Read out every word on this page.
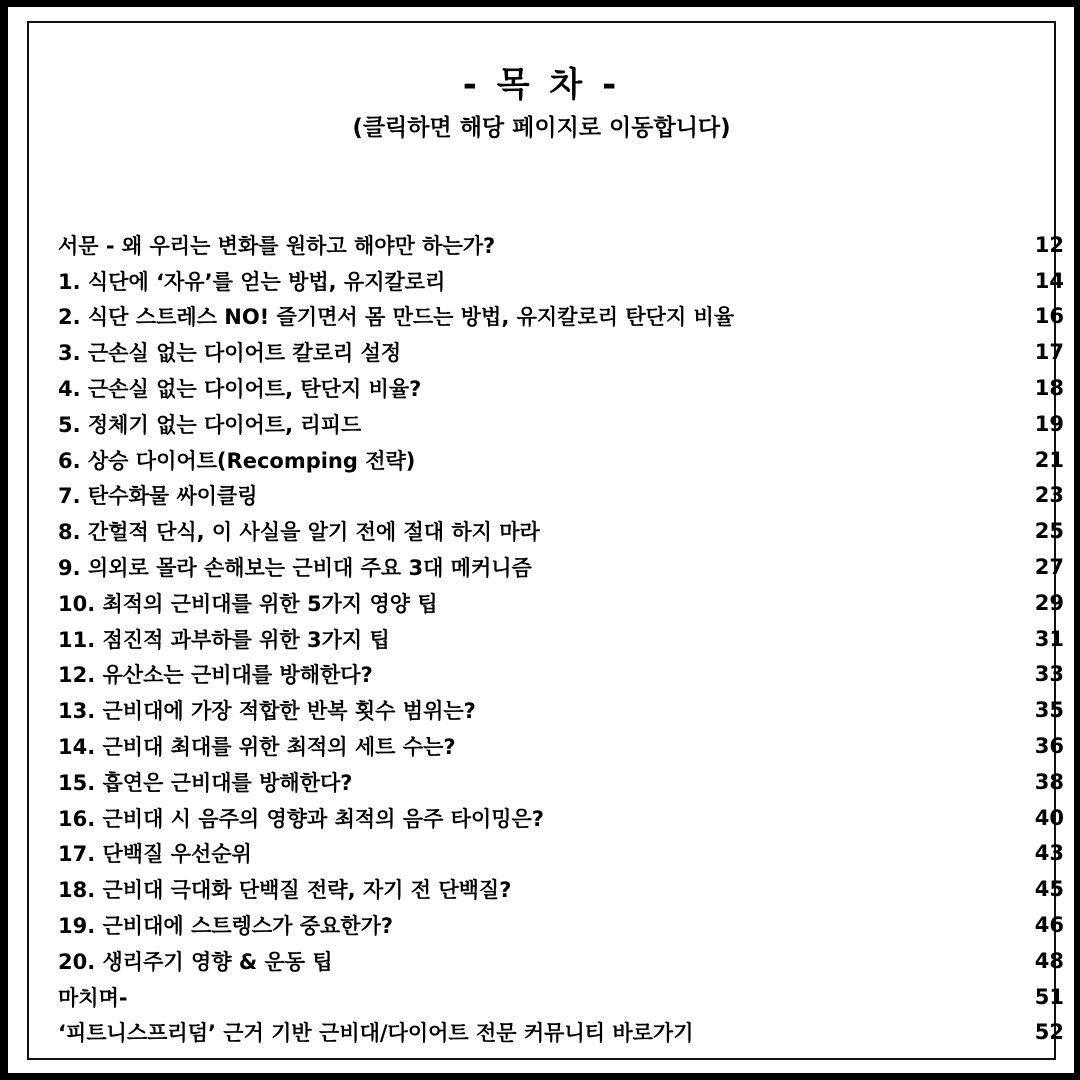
- 목 차 -
(클릭하면 해당 페이지로 이동합니다)
서문 - 왜 우리는 변화를 원하고 해야만 하는가?	12
1. 식단에 ‘자유’를 얻는 방법, 유지칼로리	14
2. 식단 스트레스 NO! 즐기면서 몸 만드는 방법, 유지칼로리 탄단지 비율	16
3. 근손실 없는 다이어트 칼로리 설정	17
4. 근손실 없는 다이어트, 탄단지 비율?	18
5. 정체기 없는 다이어트, 리피드	19
6. 상승 다이어트(Recomping 전략)	21
7. 탄수화물 싸이클링	23
8. 간헐적 단식, 이 사실을 알기 전에 절대 하지 마라	25
9. 의외로 몰라 손해보는 근비대 주요 3대 메커니즘	27
10. 최적의 근비대를 위한 5가지 영양 팁	29
11. 점진적 과부하를 위한 3가지 팁	31
12. 유산소는 근비대를 방해한다?	33
13. 근비대에 가장 적합한 반복 횟수 범위는?	35
14. 근비대 최대를 위한 최적의 세트 수는?	36
15. 흡연은 근비대를 방해한다?	38
16. 근비대 시 음주의 영향과 최적의 음주 타이밍은?	40
17. 단백질 우선순위	43
18. 근비대 극대화 단백질 전략, 자기 전 단백질?	45
19. 근비대에 스트렝스가 중요한가?	46
20. 생리주기 영향 & 운동 팁	48
마치며-	51
‘피트니스프리덤’ 근거 기반 근비대/다이어트 전문 커뮤니티 바로가기	52
